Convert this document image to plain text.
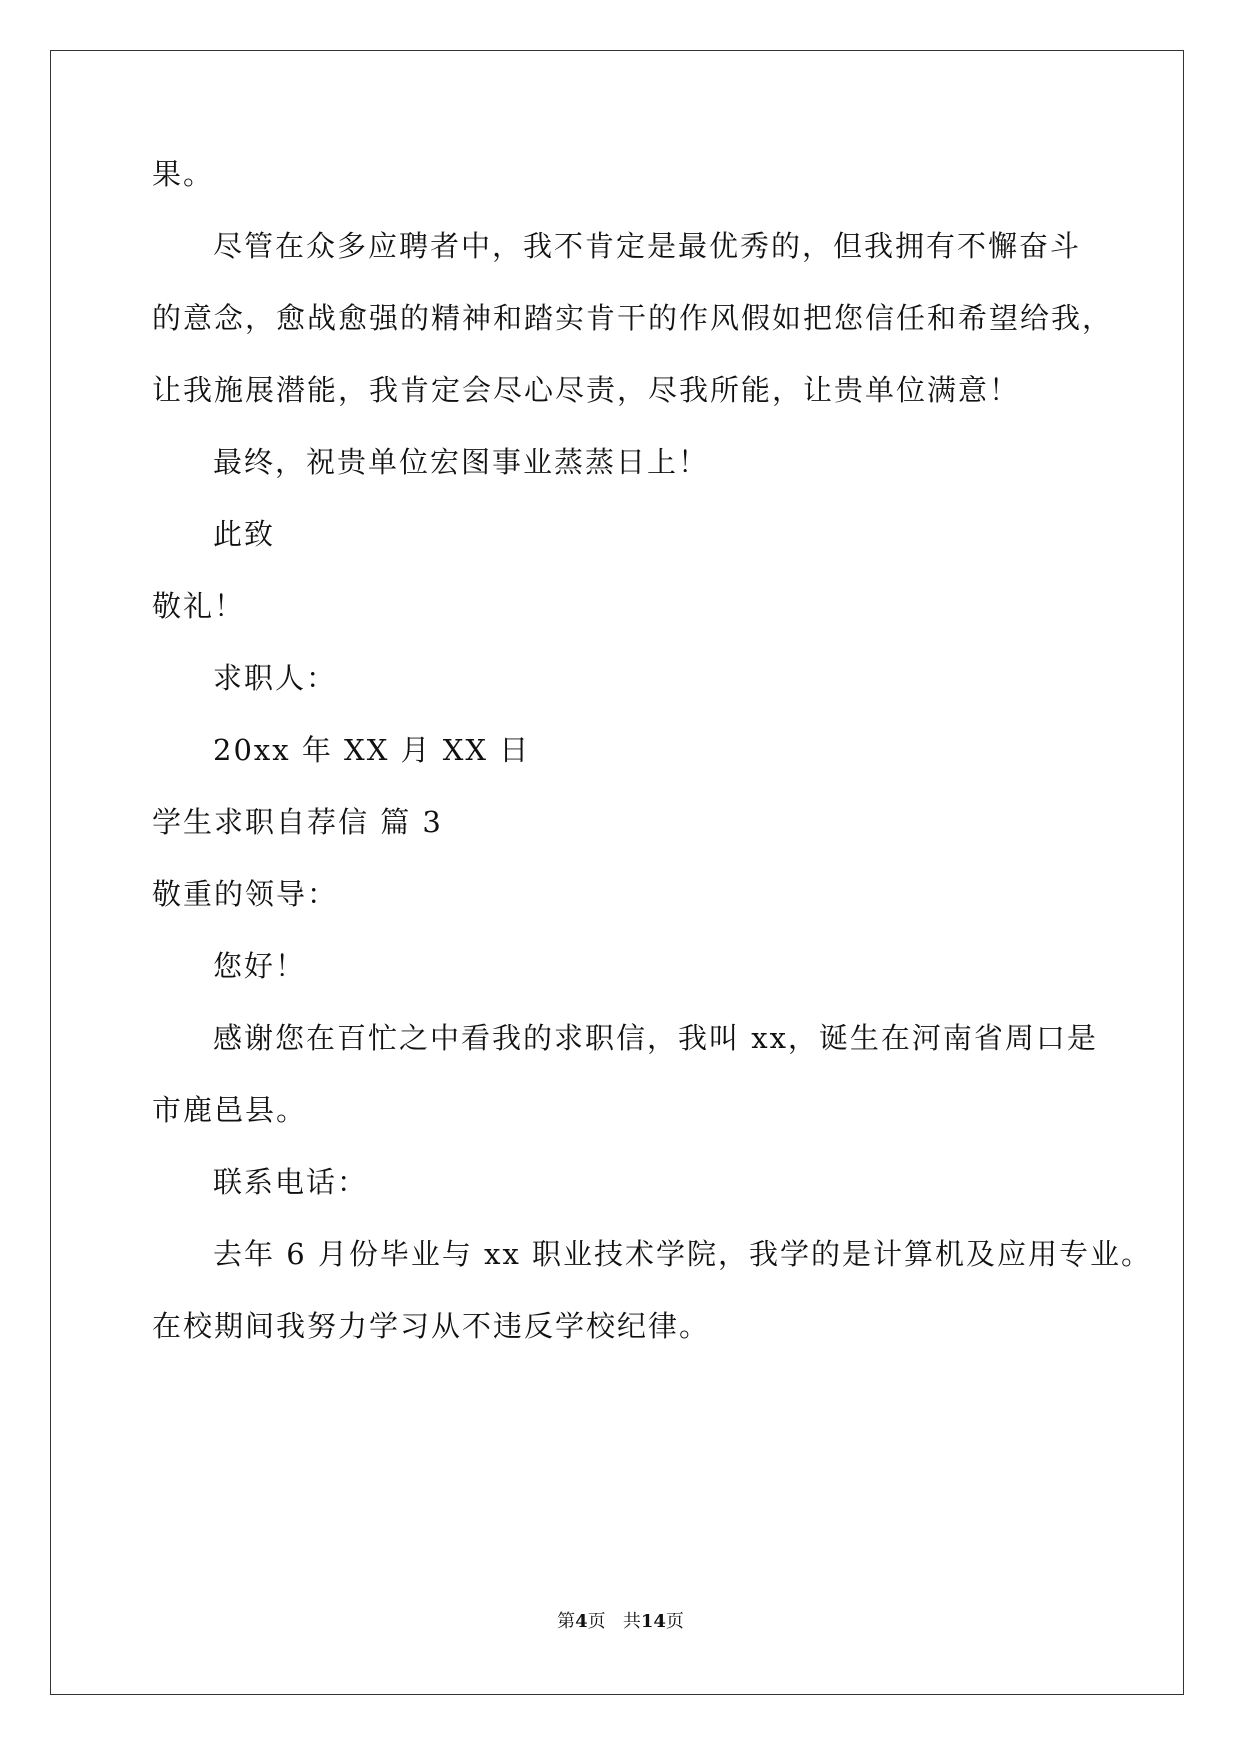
果。
尽管在众多应聘者中，我不肯定是最优秀的，但我拥有不懈奋斗
的意念，愈战愈强的精神和踏实肯干的作风假如把您信任和希望给我，
让我施展潜能，我肯定会尽心尽责，尽我所能，让贵单位满意！
最终，祝贵单位宏图事业蒸蒸日上！
此致
敬礼！
求职人：
20xx 年 XX 月 XX 日
学生求职自荐信 篇 3
敬重的领导：
您好！
感谢您在百忙之中看我的求职信，我叫 xx，诞生在河南省周口是
市鹿邑县。
联系电话：
去年 6 月份毕业与 xx 职业技术学院，我学的是计算机及应用专业。
在校期间我努力学习从不违反学校纪律。
第4页 共14页
